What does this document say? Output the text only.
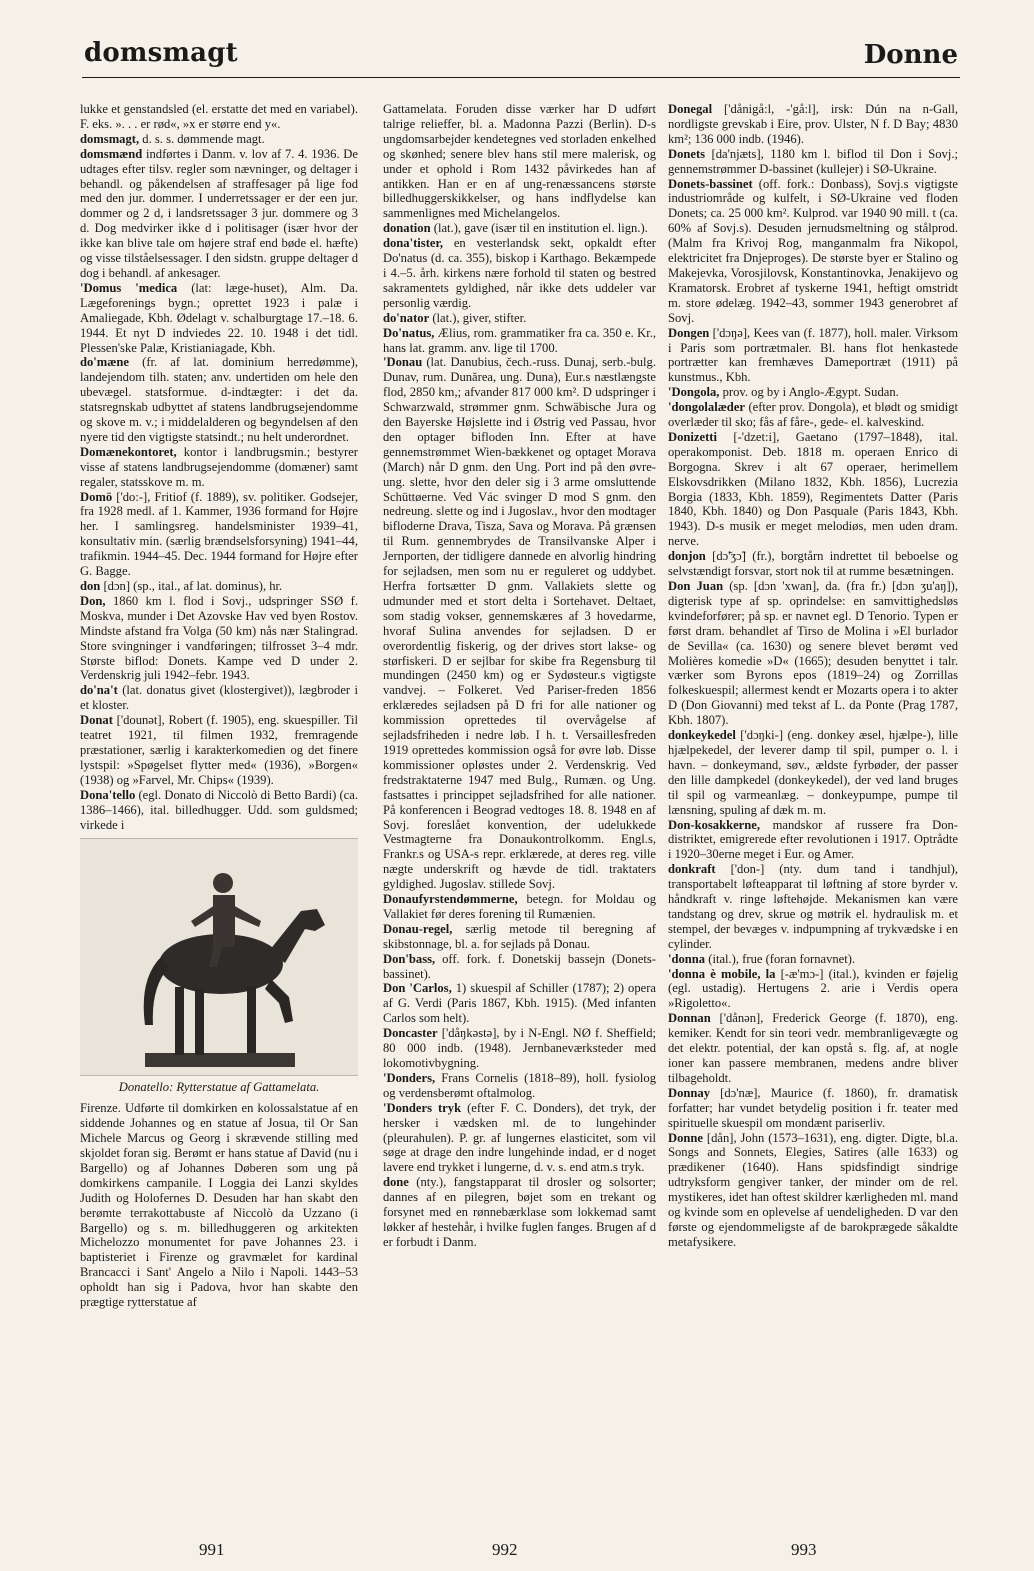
domsmagt	Donne

lukke et genstandsled (el. erstatte det med en variabel). F. eks. ». . . er rød«, »x er større end y«.

domsmagt, d. s. s. dømmende magt.

domsmænd indførtes i Danm. v. lov af 7. 4. 1936. De udtages efter tilsv. regler som nævninger, og deltager i behandl. og påkendelsen af straffesager på lige fod med den jur. dommer. I underretssager er der een jur. dommer og 2 d, i landsretssager 3 jur. dommere og 3 d. Dog medvirker ikke d i politisager (især hvor der ikke kan blive tale om højere straf end bøde el. hæfte) og visse tilståelsessager. I den sidstn. gruppe deltager d dog i behandl. af ankesager.

'Domus 'medica (lat: læge-huset), Alm. Da. Lægeforenings bygn.; oprettet 1923 i palæ i Amaliegade, Kbh. Ødelagt v. schalburgtage 17.–18. 6. 1944. Et nyt D indviedes 22. 10. 1948 i det tidl. Plessen'ske Palæ, Kristianiagade, Kbh.

do'mæne (fr. af lat. dominium herredømme), landejendom tilh. staten; anv. undertiden om hele den ubevægel. statsformue. d-indtægter: i det da. statsregnskab udbyttet af statens landbrugsejendomme og skove m. v.; i middelalderen og begyndelsen af den nyere tid den vigtigste statsindt.; nu helt underordnet.

Domænekontoret, kontor i landbrugsmin.; bestyrer visse af statens landbrugsejendomme (domæner) samt regaler, statsskove m. m.

Domö ['do:-], Fritiof (f. 1889), sv. politiker. Godsejer, fra 1928 medl. af 1. Kammer, 1936 formand for Højre her. I samlingsreg. handelsminister 1939–41, konsultativ min. (særlig brændselsforsyning) 1941–44, trafikmin. 1944–45. Dec. 1944 formand for Højre efter G. Bagge.

don [dɔn] (sp., ital., af lat. dominus), hr.

Don, 1860 km l. flod i Sovj., udspringer SSØ f. Moskva, munder i Det Azovske Hav ved byen Rostov. Mindste afstand fra Volga (50 km) nås nær Stalingrad. Store svingninger i vandføringen; tilfrosset 3–4 mdr. Største biflod: Donets. Kampe ved D under 2. Verdenskrig juli 1942–febr. 1943.

do'na't (lat. donatus givet (klostergivet)), lægbroder i et kloster.

Donat ['dounət], Robert (f. 1905), eng. skuespiller. Til teatret 1921, til filmen 1932, fremragende præstationer, særlig i karakterkomedien og det finere lystspil: »Spøgelset flytter med« (1936), »Borgen« (1938) og »Farvel, Mr. Chips« (1939).

Dona'tello (egl. Donato di Niccolò di Betto Bardi) (ca. 1386–1466), ital. billedhugger. Udd. som guldsmed; virkede i

Donatello: Rytterstatue af Gattamelata.

Firenze. Udførte til domkirken en kolossalstatue af en siddende Johannes og en statue af Josua, til Or San Michele Marcus og Georg i skrævende stilling med skjoldet foran sig. Berømt er hans statue af David (nu i Bargello) og af Johannes Døberen som ung på domkirkens campanile. I Loggia dei Lanzi skyldes Judith og Holofernes D. Desuden har han skabt den berømte terrakottabuste af Niccolò da Uzzano (i Bargello) og s. m. billedhuggeren og arkitekten Michelozzo monumentet for pave Johannes 23. i baptisteriet i Firenze og gravmælet for kardinal Brancacci i Sant' Angelo a Nilo i Napoli. 1443–53 opholdt han sig i Padova, hvor han skabte den prægtige rytterstatue af

Gattamelata. Foruden disse værker har D udført talrige relieffer, bl. a. Madonna Pazzi (Berlin). D-s ungdomsarbejder kendetegnes ved storladen enkelhed og skønhed; senere blev hans stil mere malerisk, og under et ophold i Rom 1432 påvirkedes han af antikken. Han er en af ung-renæssancens største billedhuggerskikkelser, og hans indflydelse kan sammenlignes med Michelangelos.

donation (lat.), gave (især til en institution el. lign.).

dona'tister, en vesterlandsk sekt, opkaldt efter Do'natus (d. ca. 355), biskop i Karthago. Bekæmpede i 4.–5. årh. kirkens nære forhold til staten og bestred sakramentets gyldighed, når ikke dets uddeler var personlig værdig.

do'nator (lat.), giver, stifter.

Do'natus, Ælius, rom. grammatiker fra ca. 350 e. Kr., hans lat. gramm. anv. lige til 1700.

'Donau (lat. Danubius, čech.-russ. Dunaj, serb.-bulg. Dunav, rum. Dunărea, ung. Duna), Eur.s næstlængste flod, 2850 km,; afvander 817 000 km². D udspringer i Schwarzwald, strømmer gnm. Schwäbische Jura og den Bayerske Højslette ind i Østrig ved Passau, hvor den optager bifloden Inn. Efter at have gennemstrømmet Wien-bækkenet og optaget Morava (March) når D gnm. den Ung. Port ind på den øvre-ung. slette, hvor den deler sig i 3 arme omsluttende Schüttøerne. Ved Vác svinger D mod S gnm. den nedreung. slette og ind i Jugoslav., hvor den modtager bifloderne Drava, Tisza, Sava og Morava. På grænsen til Rum. gennembrydes de Transilvanske Alper i Jernporten, der tidligere dannede en alvorlig hindring for sejladsen, men som nu er reguleret og uddybet. Herfra fortsætter D gnm. Vallakiets slette og udmunder med et stort delta i Sortehavet. Deltaet, som stadig vokser, gennemskæres af 3 hovedarme, hvoraf Sulina anvendes for sejladsen. D er overordentlig fiskerig, og der drives stort lakse- og størfiskeri. D er sejlbar for skibe fra Regensburg til mundingen (2450 km) og er Sydøsteur.s vigtigste vandvej. – Folkeret. Ved Pariser-freden 1856 erklæredes sejladsen på D fri for alle nationer og kommission oprettedes til overvågelse af sejladsfriheden i nedre løb. I h. t. Versaillesfreden 1919 oprettedes kommission også for øvre løb. Disse kommissioner opløstes under 2. Verdenskrig. Ved fredstraktaterne 1947 med Bulg., Rumæn. og Ung. fastsattes i princippet sejladsfrihed for alle nationer. På konferencen i Beograd vedtoges 18. 8. 1948 en af Sovj. foreslået konvention, der udelukkede Vestmagterne fra Donaukontrolkomm. Engl.s, Frankr.s og USA-s repr. erklærede, at deres reg. ville nægte underskrift og hævde de tidl. traktaters gyldighed. Jugoslav. stillede Sovj.

Donaufyrstendømmerne, betegn. for Moldau og Vallakiet før deres forening til Rumænien.

Donau-regel, særlig metode til beregning af skibstonnage, bl. a. for sejlads på Donau.

Don'bass, off. fork. f. Donetskij bassejn (Donets-bassinet).

Don 'Carlos, 1) skuespil af Schiller (1787); 2) opera af G. Verdi (Paris 1867, Kbh. 1915). (Med infanten Carlos som helt).

Doncaster ['dåŋkəstə], by i N-Engl. NØ f. Sheffield; 80 000 indb. (1948). Jernbaneværksteder med lokomotivbygning.

'Donders, Frans Cornelis (1818–89), holl. fysiolog og verdensberømt oftalmolog.

'Donders tryk (efter F. C. Donders), det tryk, der hersker i vædsken ml. de to lungehinder (pleurahulen). P. gr. af lungernes elasticitet, som vil søge at drage den indre lungehinde indad, er d noget lavere end trykket i lungerne, d. v. s. end atm.s tryk.

done (nty.), fangstapparat til drosler og solsorter; dannes af en pilegren, bøjet som en trekant og forsynet med en rønnebærklase som lokkemad samt løkker af hestehår, i hvilke fuglen fanges. Brugen af d er forbudt i Danm.

Donegal ['dånigå:l, -'gå:l], irsk: Dún na n-Gall, nordligste grevskab i Eire, prov. Ulster, N f. D Bay; 4830 km²; 136 000 indb. (1946).

Donets [da'njæts], 1180 km l. biflod til Don i Sovj.; gennemstrømmer D-bassinet (kullejer) i SØ-Ukraine.

Donets-bassinet (off. fork.: Donbass), Sovj.s vigtigste industriområde og kulfelt, i SØ-Ukraine ved floden Donets; ca. 25 000 km². Kulprod. var 1940 90 mill. t (ca. 60% af Sovj.s). Desuden jernudsmeltning og stålprod. (Malm fra Krivoj Rog, manganmalm fra Nikopol, elektricitet fra Dnjeproges). De største byer er Stalino og Makejevka, Vorosjilovsk, Konstantinovka, Jenakijevo og Kramatorsk. Erobret af tyskerne 1941, heftigt omstridt m. store ødelæg. 1942–43, sommer 1943 generobret af Sovj.

Dongen ['dɔŋə], Kees van (f. 1877), holl. maler. Virksom i Paris som portrætmaler. Bl. hans flot henkastede portrætter kan fremhæves Dameportræt (1911) på kunstmus., Kbh.

'Dongola, prov. og by i Anglo-Ægypt. Sudan.

'dongolalæder (efter prov. Dongola), et blødt og smidigt overlæder til sko; fås af fåre-, gede- el. kalveskind.

Donizetti [-'dzet:i], Gaetano (1797–1848), ital. operakomponist. Deb. 1818 m. operaen Enrico di Borgogna. Skrev i alt 67 operaer, herimellem Elskovsdrikken (Milano 1832, Kbh. 1856), Lucrezia Borgia (1833, Kbh. 1859), Regimentets Datter (Paris 1840, Kbh. 1840) og Don Pasquale (Paris 1843, Kbh. 1943). D-s musik er meget melodiøs, men uden dram. nerve.

donjon [dɔ̃'ʒɔ̃] (fr.), borgtårn indrettet til beboelse og selvstændigt forsvar, stort nok til at rumme besætningen.

Don Juan (sp. [dɔn 'xwan], da. (fra fr.) [dɔn ʒu'aŋ]), digterisk type af sp. oprindelse: en samvittighedsløs kvindeforfører; på sp. er navnet egl. D Tenorio. Typen er først dram. behandlet af Tirso de Molina i »El burlador de Sevilla« (ca. 1630) og senere blevet berømt ved Molières komedie »D« (1665); desuden benyttet i talr. værker som Byrons epos (1819–24) og Zorrillas folkeskuespil; allermest kendt er Mozarts opera i to akter D (Don Giovanni) med tekst af L. da Ponte (Prag 1787, Kbh. 1807).

donkeykedel ['dɔŋki-] (eng. donkey æsel, hjælpe-), lille hjælpekedel, der leverer damp til spil, pumper o. l. i havn. – donkeymand, søv., ældste fyrbøder, der passer den lille dampkedel (donkeykedel), der ved land bruges til spil og varmeanlæg. – donkeypumpe, pumpe til lænsning, spuling af dæk m. m.

Don-kosakkerne, mandskor af russere fra Don-distriktet, emigrerede efter revolutionen i 1917. Optrådte i 1920–30erne meget i Eur. og Amer.

donkraft ['don-] (nty. dum tand i tandhjul), transportabelt løfteapparat til løftning af store byrder v. håndkraft v. ringe løftehøjde. Mekanismen kan være tandstang og drev, skrue og møtrik el. hydraulisk m. et stempel, der bevæges v. indpumpning af trykvædske i en cylinder.

'donna (ital.), frue (foran fornavnet).

'donna è mobile, la [-æ'mɔ-] (ital.), kvinden er føjelig (egl. ustadig). Hertugens 2. arie i Verdis opera »Rigoletto«.

Donnan ['dånən], Frederick George (f. 1870), eng. kemiker. Kendt for sin teori vedr. membranligevægte og det elektr. potential, der kan opstå s. flg. af, at nogle ioner kan passere membranen, medens andre bliver tilbageholdt.

Donnay [dɔ'næ], Maurice (f. 1860), fr. dramatisk forfatter; har vundet betydelig position i fr. teater med spirituelle skuespil om mondænt pariserliv.

Donne [dån], John (1573–1631), eng. digter. Digte, bl.a. Songs and Sonnets, Elegies, Satires (alle 1633) og prædikener (1640). Hans spidsfindigt sindrige udtryksform gengiver tanker, der minder om de rel. mystikeres, idet han oftest skildrer kærligheden ml. mand og kvinde som en oplevelse af uendeligheden. D var den første og ejendommeligste af de barokprægede såkaldte metafysikere.

991	992	993
